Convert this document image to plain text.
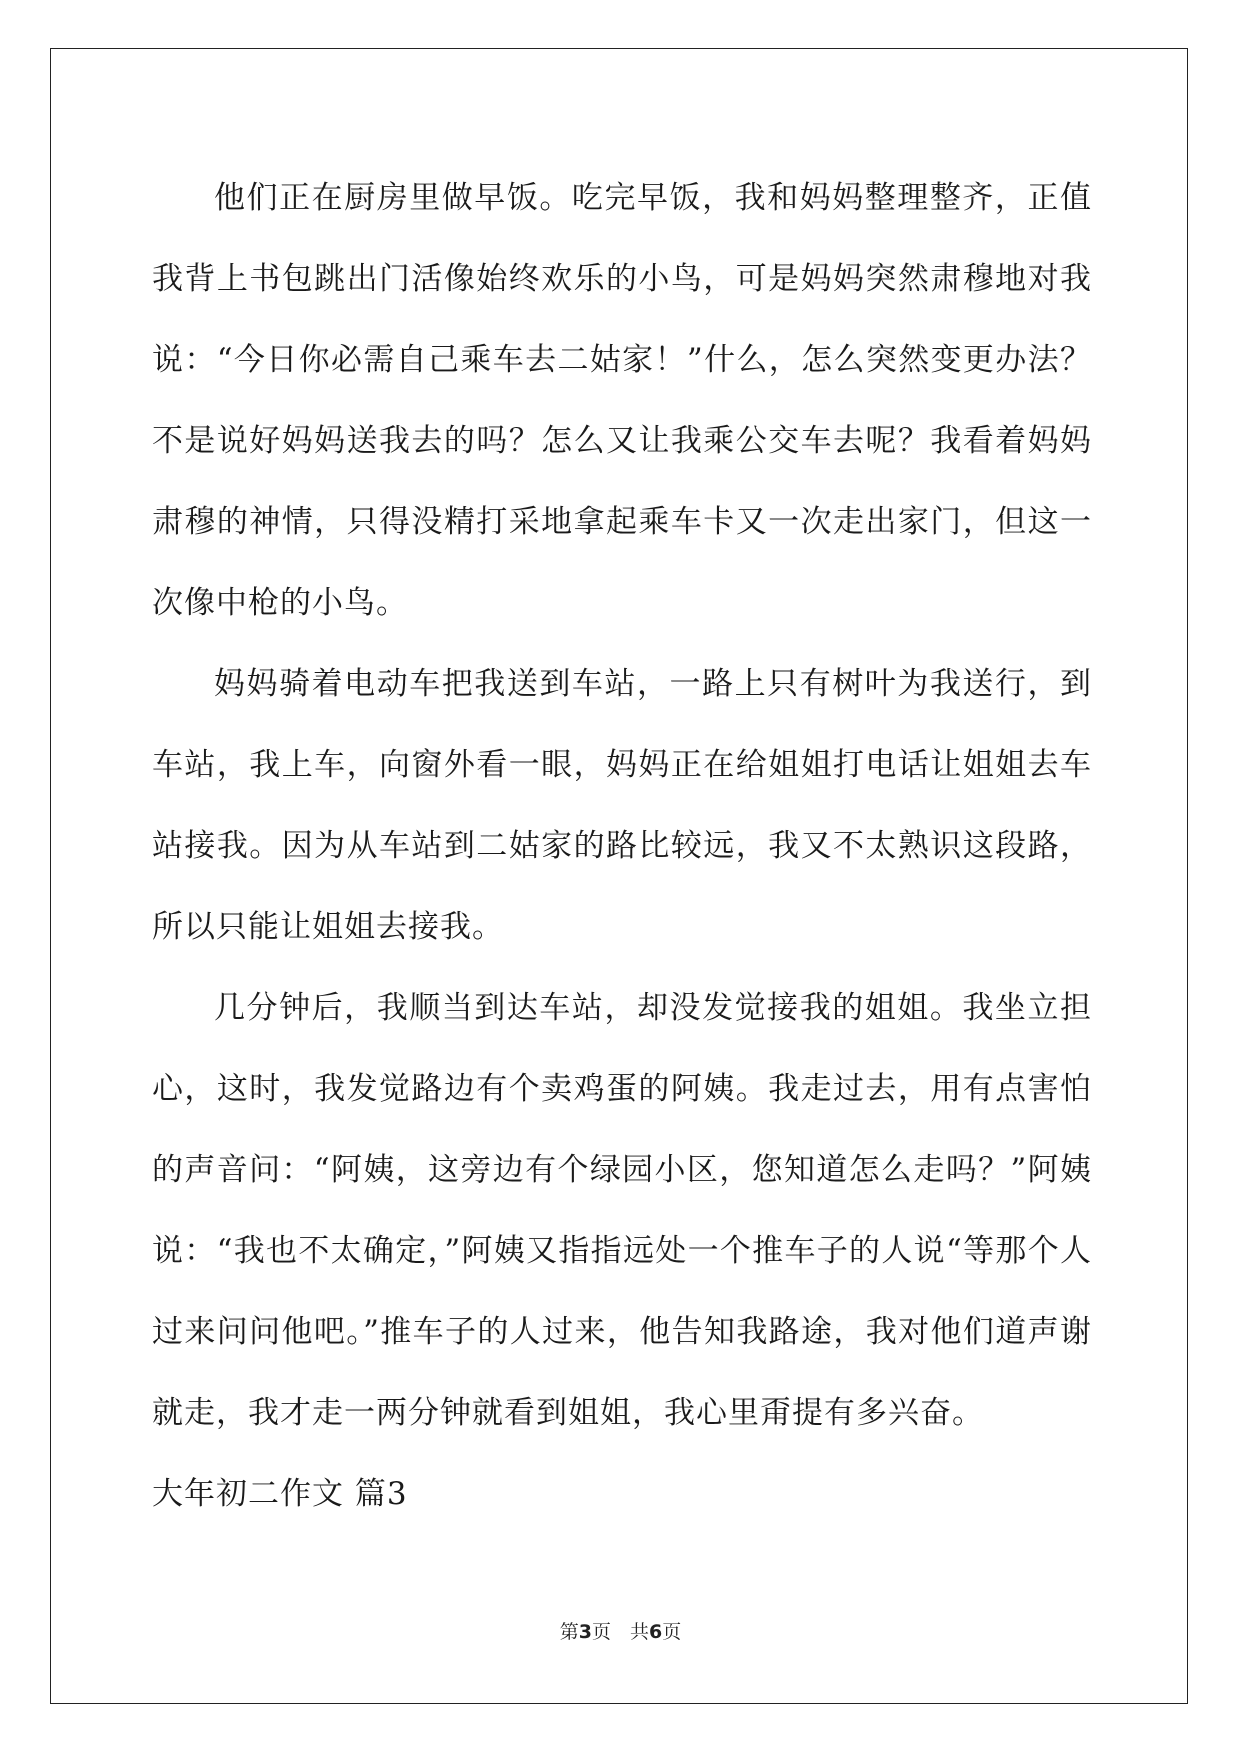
他们正在厨房里做早饭。吃完早饭，我和妈妈整理整齐，正值我背上书包跳出门活像始终欢乐的小鸟，可是妈妈突然肃穆地对我说：“今日你必需自己乘车去二姑家！”什么，怎么突然变更办法？不是说好妈妈送我去的吗？怎么又让我乘公交车去呢？我看着妈妈肃穆的神情，只得没精打采地拿起乘车卡又一次走出家门，但这一次像中枪的小鸟。

妈妈骑着电动车把我送到车站，一路上只有树叶为我送行，到车站，我上车，向窗外看一眼，妈妈正在给姐姐打电话让姐姐去车站接我。因为从车站到二姑家的路比较远，我又不太熟识这段路，所以只能让姐姐去接我。

几分钟后，我顺当到达车站，却没发觉接我的姐姐。我坐立担心，这时，我发觉路边有个卖鸡蛋的阿姨。我走过去，用有点害怕的声音问：“阿姨，这旁边有个绿园小区，您知道怎么走吗？”阿姨说：“我也不太确定，”阿姨又指指远处一个推车子的人说“等那个人过来问问他吧。”推车子的人过来，他告知我路途，我对他们道声谢就走，我才走一两分钟就看到姐姐，我心里甭提有多兴奋。

大年初二作文 篇3

第3页　共6页
